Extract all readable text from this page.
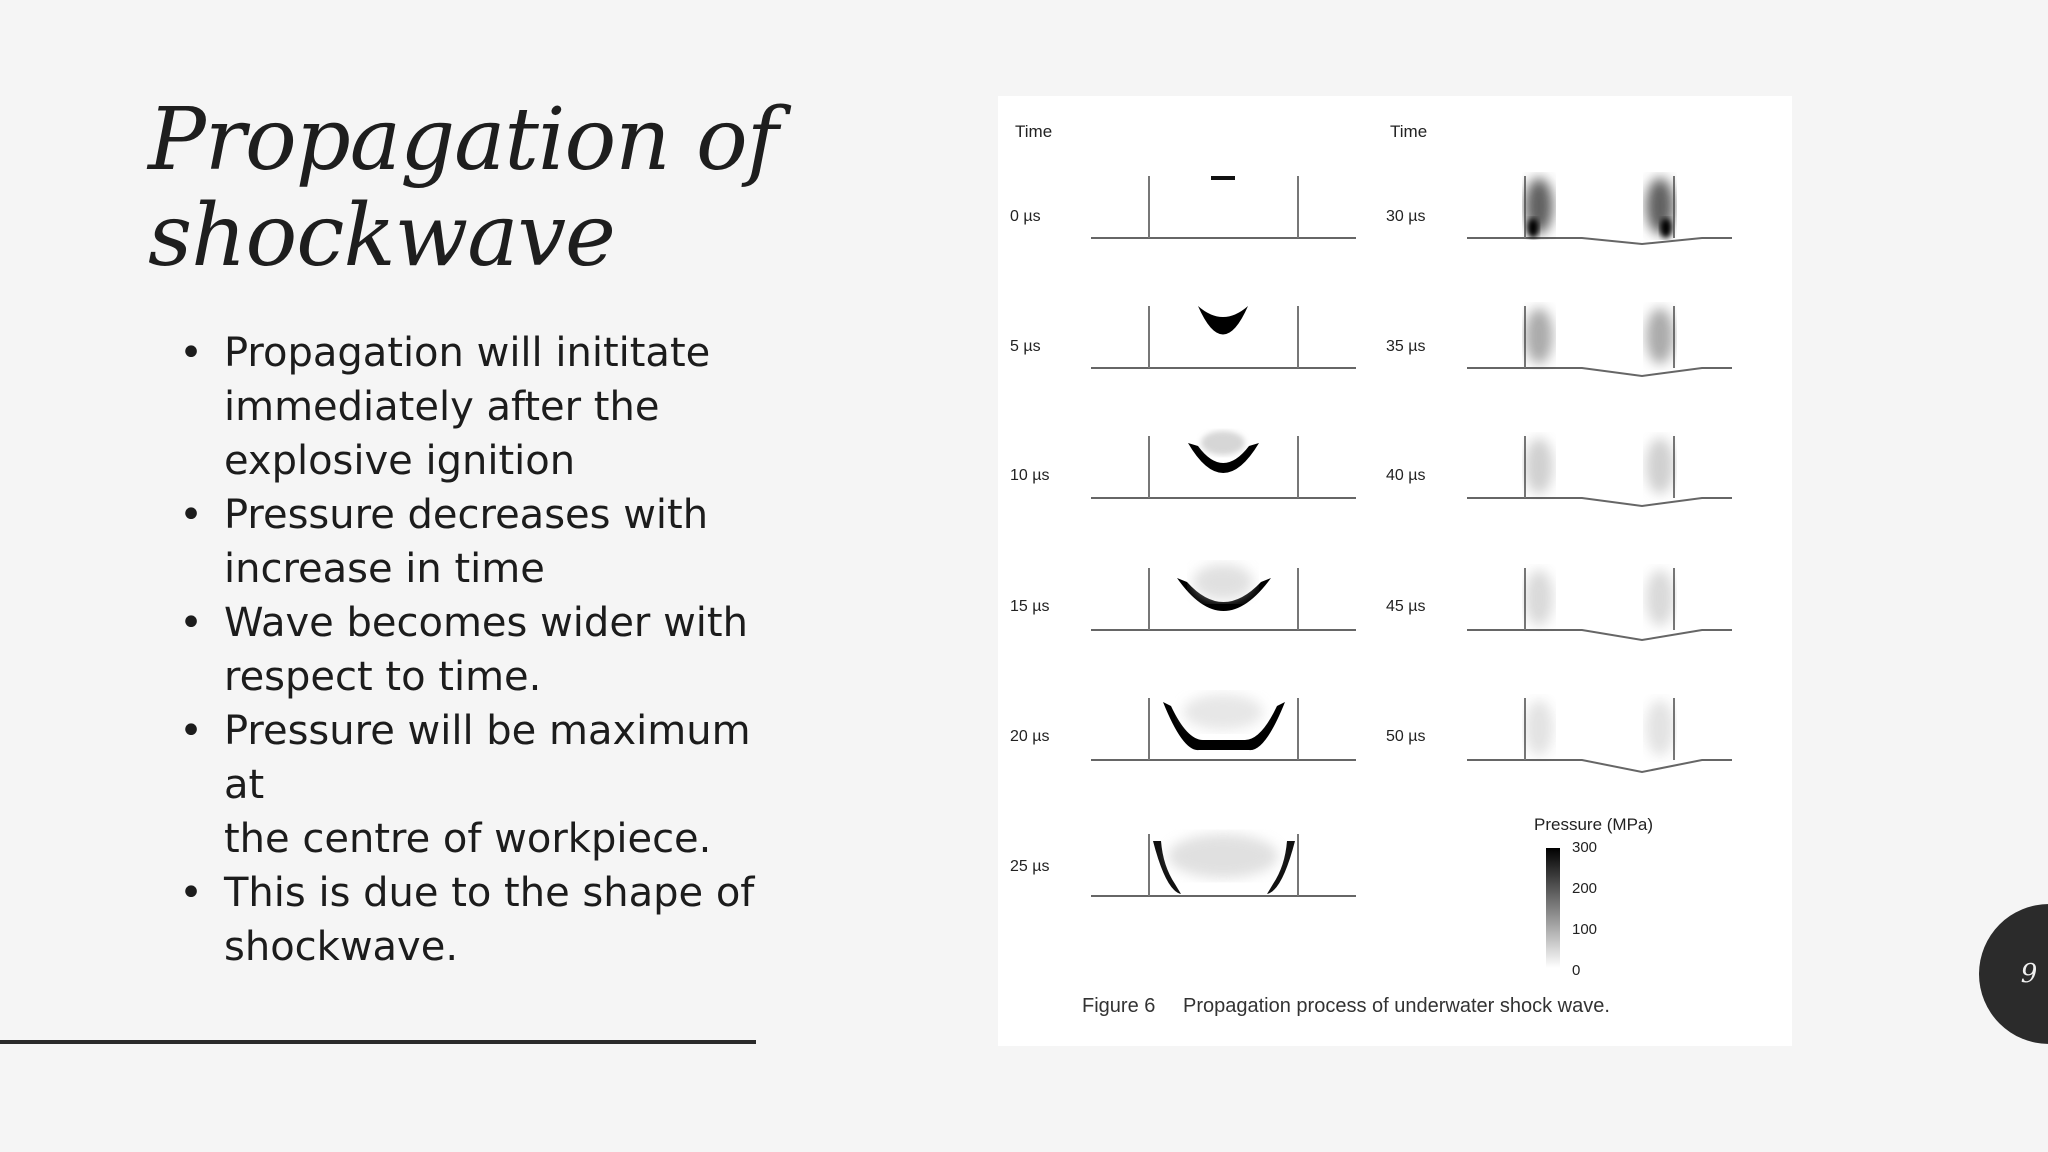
Propagation of
shockwave
• Propagation will inititate
immediately after the
explosive ignition
• Pressure decreases with
increase in time
• Wave becomes wider with
respect to time.
• Pressure will be maximum at
the centre of workpiece.
• This is due to the shape of
shockwave.
Time	Time
0 µs
5 µs
10 µs
15 µs
20 µs
25 µs
30 µs
35 µs
40 µs
45 µs
50 µs
Pressure (MPa)
300
200
100
0
Figure 6 Propagation process of underwater shock wave.
9
